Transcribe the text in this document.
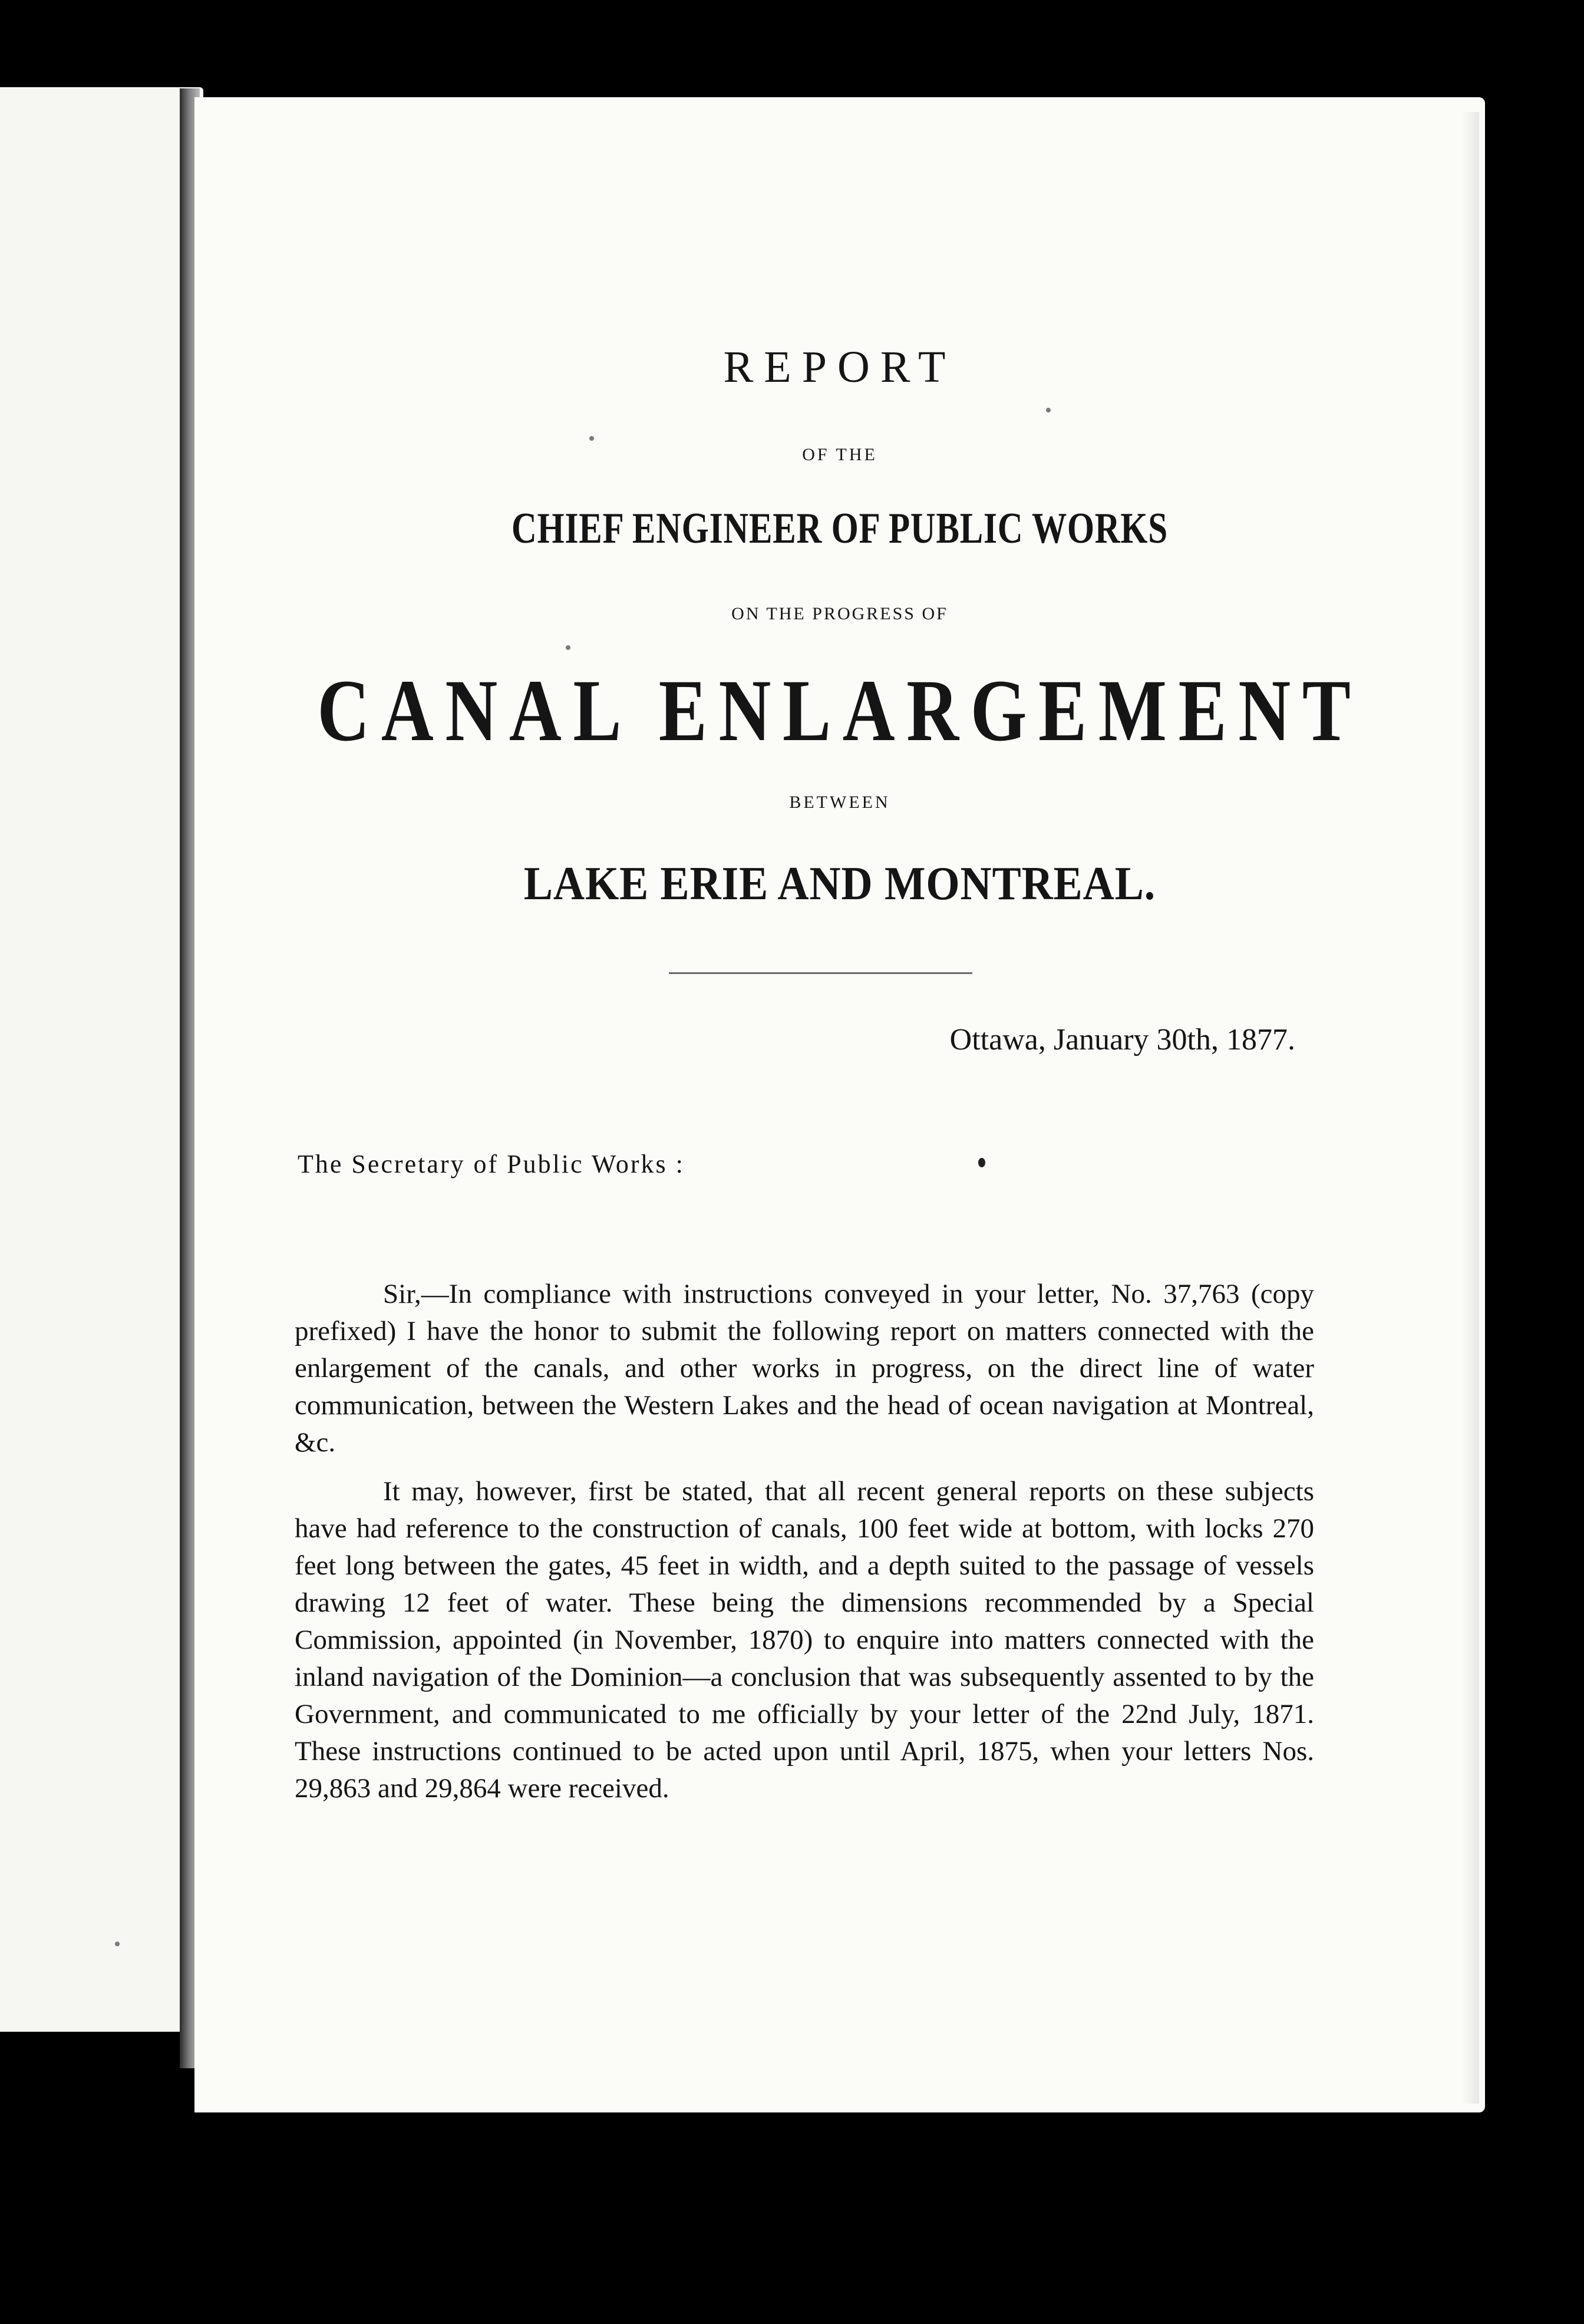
REPORT
OF THE
CHIEF ENGINEER OF PUBLIC WORKS
ON THE PROGRESS OF
CANAL ENLARGEMENT
BETWEEN
LAKE ERIE AND MONTREAL.
Ottawa, January 30th, 1877.
The Secretary of Public Works :

Sir,—In compliance with instructions conveyed in your letter, No. 37,763 (copy prefixed) I have the honor to submit the following report on matters connected with the enlargement of the canals, and other works in progress, on the direct line of water communication, between the Western Lakes and the head of ocean navigation at Montreal, &c.

It may, however, first be stated, that all recent general reports on these subjects have had reference to the construction of canals, 100 feet wide at bottom, with locks 270 feet long between the gates, 45 feet in width, and a depth suited to the passage of vessels drawing 12 feet of water. These being the dimensions recommended by a Special Commission, appointed (in November, 1870) to enquire into matters connected with the inland navigation of the Dominion—a conclusion that was subsequently assented to by the Government, and communicated to me officially by your letter of the 22nd July, 1871. These instructions continued to be acted upon until April, 1875, when your letters Nos. 29,863 and 29,864 were received.
